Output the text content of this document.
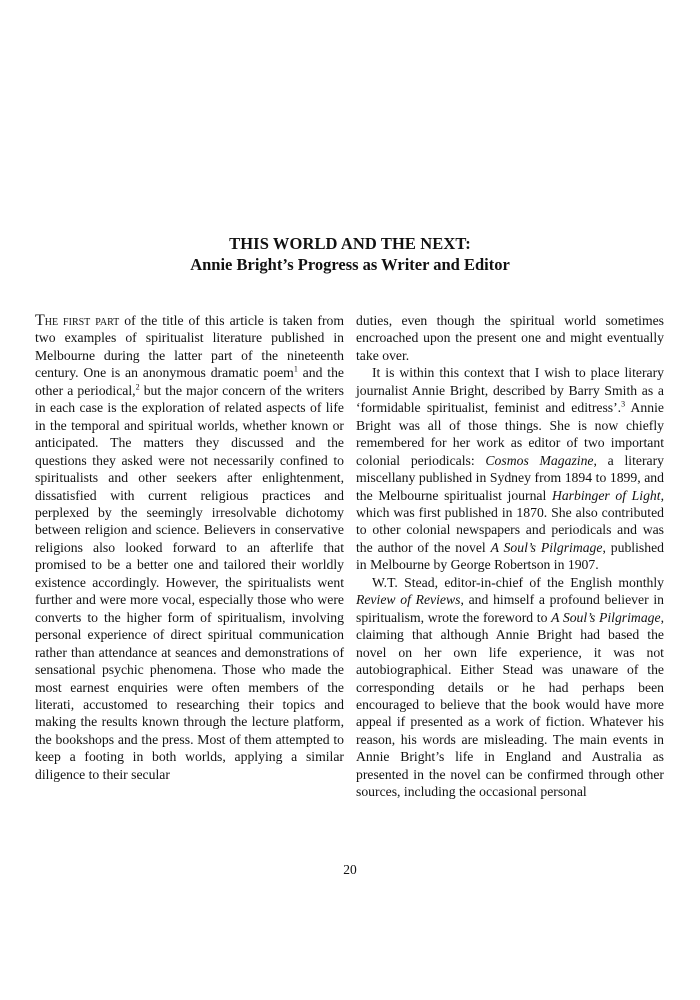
THIS WORLD AND THE NEXT:
Annie Bright’s Progress as Writer and Editor

The first part of the title of this article is taken from two examples of spiritualist literature published in Melbourne during the latter part of the nineteenth century. One is an anonymous dramatic poem$^1$ and the other a periodical,$^2$ but the major concern of the writers in each case is the exploration of related aspects of life in the temporal and spiritual worlds, whether known or anticipated. The matters they discussed and the questions they asked were not necessarily confined to spiritualists and other seekers after enlightenment, dissatisfied with current religious practices and perplexed by the seemingly irresolvable dichotomy between religion and science. Believers in conservative religions also looked forward to an afterlife that promised to be a better one and tailored their worldly existence accordingly. However, the spiritualists went further and were more vocal, especially those who were converts to the higher form of spiritualism, involving personal experience of direct spiritual communication rather than attendance at seances and demonstrations of sensational psychic phenomena. Those who made the most earnest enquiries were often members of the literati, accustomed to researching their topics and making the results known through the lecture platform, the bookshops and the press. Most of them attempted to keep a footing in both worlds, applying a similar diligence to their secular

duties, even though the spiritual world sometimes encroached upon the present one and might eventually take over.

It is within this context that I wish to place literary journalist Annie Bright, described by Barry Smith as a ‘formidable spiritualist, feminist and editress’.$^3$ Annie Bright was all of those things. She is now chiefly remembered for her work as editor of two important colonial periodicals: Cosmos Magazine, a literary miscellany published in Sydney from 1894 to 1899, and the Melbourne spiritualist journal Harbinger of Light, which was first published in 1870. She also contributed to other colonial newspapers and periodicals and was the author of the novel A Soul’s Pilgrimage, published in Melbourne by George Robertson in 1907.

W.T. Stead, editor-in-chief of the English monthly Review of Reviews, and himself a profound believer in spiritualism, wrote the foreword to A Soul’s Pilgrimage, claiming that although Annie Bright had based the novel on her own life experience, it was not autobiographical. Either Stead was unaware of the corresponding details or he had perhaps been encouraged to believe that the book would have more appeal if presented as a work of fiction. Whatever his reason, his words are misleading. The main events in Annie Bright’s life in England and Australia as presented in the novel can be confirmed through other sources, including the occasional personal

20
